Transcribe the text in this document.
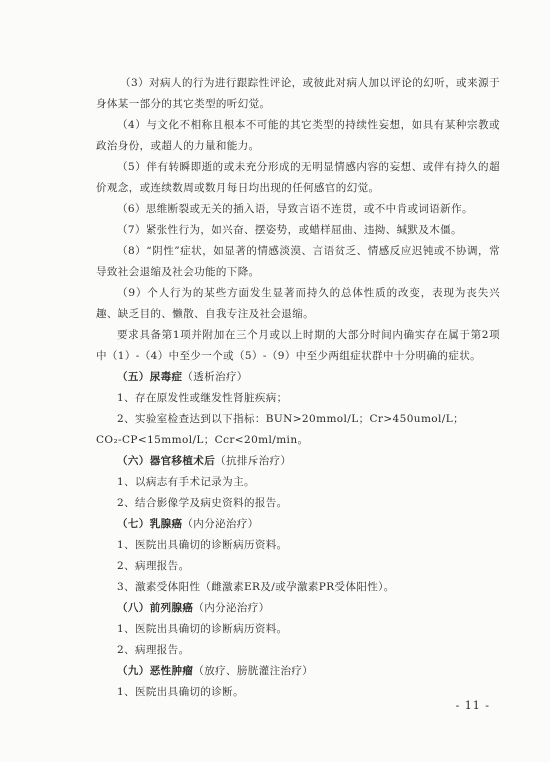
（3）对病人的行为进行跟踪性评论，或彼此对病人加以评论的幻听，或来源于身体某一部分的其它类型的听幻觉。

（4）与文化不相称且根本不可能的其它类型的持续性妄想，如具有某种宗教或政治身份，或超人的力量和能力。

（5）伴有转瞬即逝的或未充分形成的无明显情感内容的妄想、或伴有持久的超价观念，或连续数周或数月每日均出现的任何感官的幻觉。

（6）思维断裂或无关的插入语，导致言语不连贯，或不中肯或词语新作。

（7）紧张性行为，如兴奋、摆姿势，或蜡样屈曲、违拗、缄默及木僵。

（8）“阴性”症状，如显著的情感淡漠、言语贫乏、情感反应迟钝或不协调，常导致社会退缩及社会功能的下降。

（9）个人行为的某些方面发生显著而持久的总体性质的改变，表现为丧失兴趣、缺乏目的、懒散、自我专注及社会退缩。

要求具备第1项并附加在三个月或以上时期的大部分时间内确实存在属于第2项中（1）-（4）中至少一个或（5）-（9）中至少两组症状群中十分明确的症状。

（五）尿毒症（透析治疗）

1、存在原发性或继发性肾脏疾病；

2、实验室检查达到以下指标：BUN>20mmol/L；Cr>450umol/L；

CO₂-CP<15mmol/L；Ccr<20ml/min。

（六）器官移植术后（抗排斥治疗）

1、以病志有手术记录为主。

2、结合影像学及病史资料的报告。

（七）乳腺癌（内分泌治疗）

1、医院出具确切的诊断病历资料。

2、病理报告。

3、激素受体阳性（雌激素ER及/或孕激素PR受体阳性）。

（八）前列腺癌（内分泌治疗）

1、医院出具确切的诊断病历资料。

2、病理报告。

（九）恶性肿瘤（放疗、膀胱灌注治疗）

1、医院出具确切的诊断。

- 11 -
